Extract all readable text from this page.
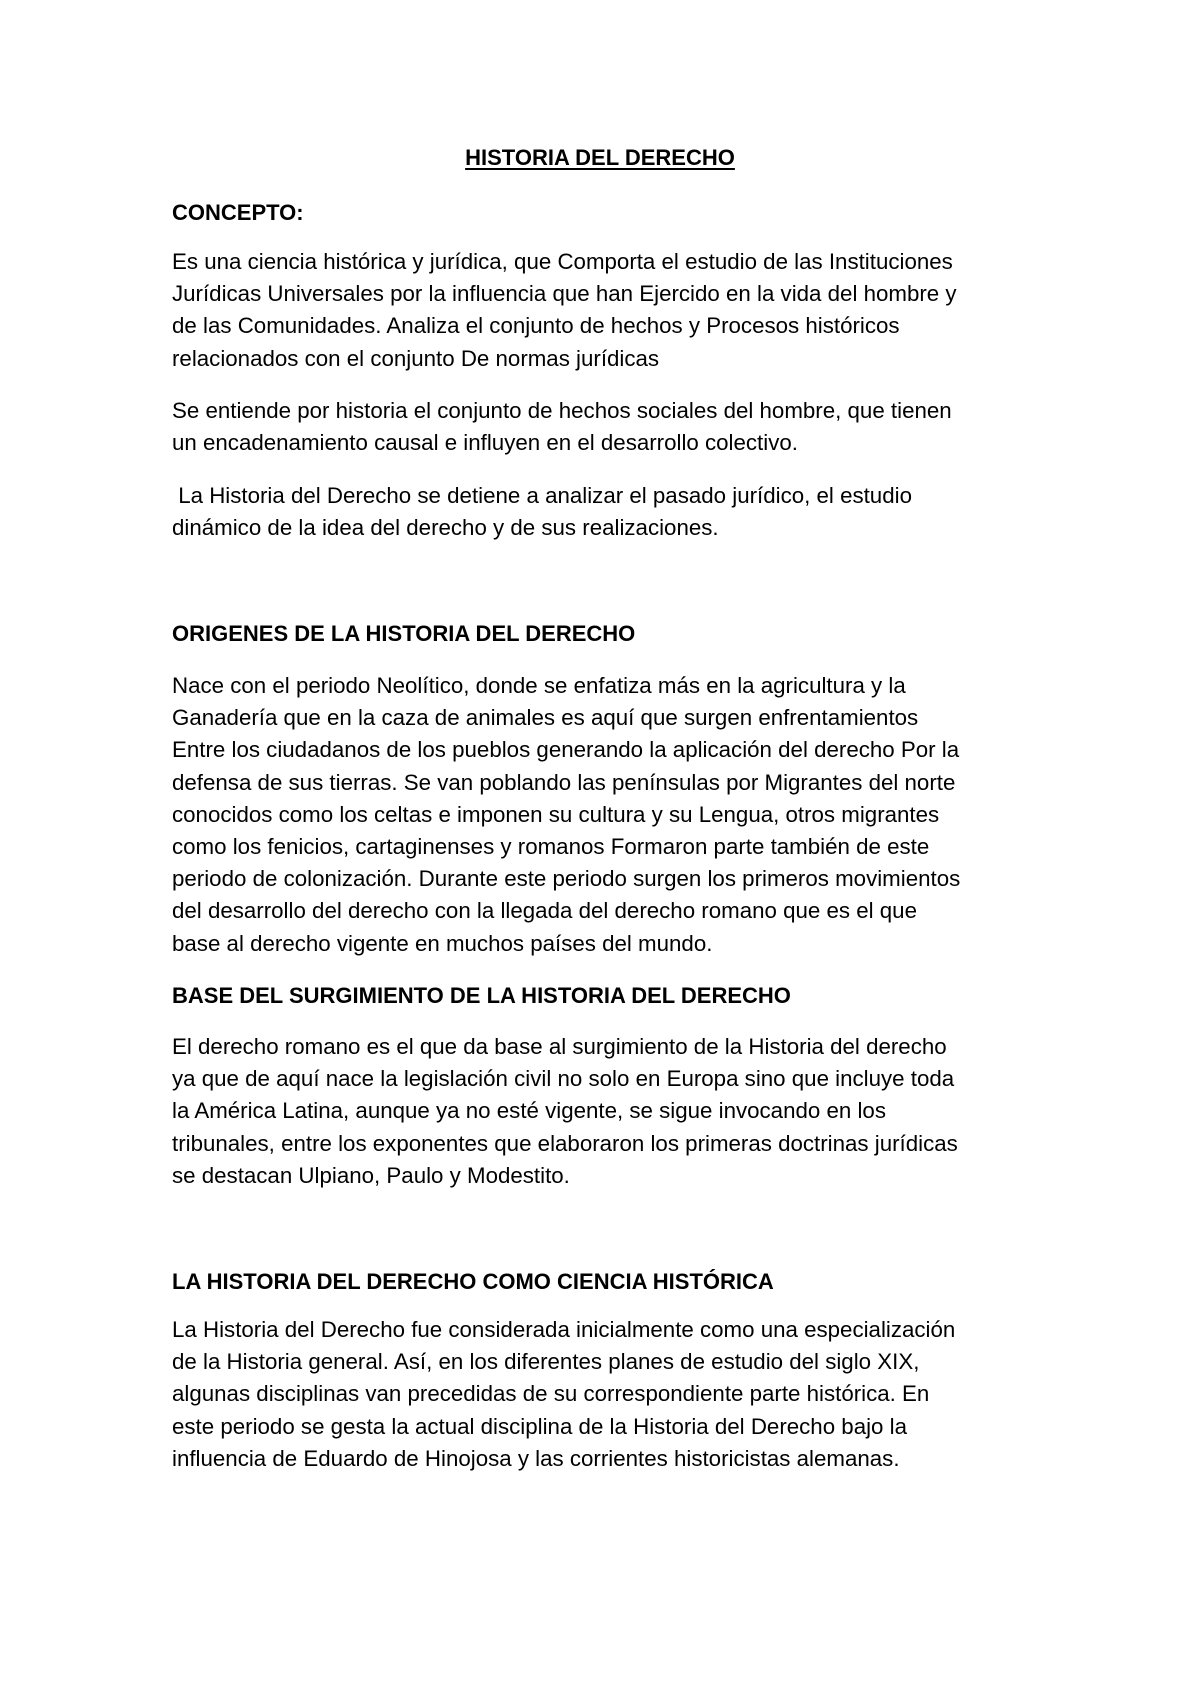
HISTORIA DEL DERECHO
CONCEPTO:

Es una ciencia histórica y jurídica, que Comporta el estudio de las Instituciones
Jurídicas Universales por la influencia que han Ejercido en la vida del hombre y
de las Comunidades. Analiza el conjunto de hechos y Procesos históricos
relacionados con el conjunto De normas jurídicas

Se entiende por historia el conjunto de hechos sociales del hombre, que tienen
un encadenamiento causal e influyen en el desarrollo colectivo.

La Historia del Derecho se detiene a analizar el pasado jurídico, el estudio
dinámico de la idea del derecho y de sus realizaciones.

ORIGENES DE LA HISTORIA DEL DERECHO

Nace con el periodo Neolítico, donde se enfatiza más en la agricultura y la
Ganadería que en la caza de animales es aquí que surgen enfrentamientos
Entre los ciudadanos de los pueblos generando la aplicación del derecho Por la
defensa de sus tierras. Se van poblando las penínsulas por Migrantes del norte
conocidos como los celtas e imponen su cultura y su Lengua, otros migrantes
como los fenicios, cartaginenses y romanos Formaron parte también de este
periodo de colonización. Durante este periodo surgen los primeros movimientos
del desarrollo del derecho con la llegada del derecho romano que es el que
base al derecho vigente en muchos países del mundo.

BASE DEL SURGIMIENTO DE LA HISTORIA DEL DERECHO

El derecho romano es el que da base al surgimiento de la Historia del derecho
ya que de aquí nace la legislación civil no solo en Europa sino que incluye toda
la América Latina, aunque ya no esté vigente, se sigue invocando en los
tribunales, entre los exponentes que elaboraron los primeras doctrinas jurídicas
se destacan Ulpiano, Paulo y Modestito.

LA HISTORIA DEL DERECHO COMO CIENCIA HISTÓRICA

La Historia del Derecho fue considerada inicialmente como una especialización
de la Historia general. Así, en los diferentes planes de estudio del siglo XIX,
algunas disciplinas van precedidas de su correspondiente parte histórica. En
este periodo se gesta la actual disciplina de la Historia del Derecho bajo la
influencia de Eduardo de Hinojosa y las corrientes historicistas alemanas.
